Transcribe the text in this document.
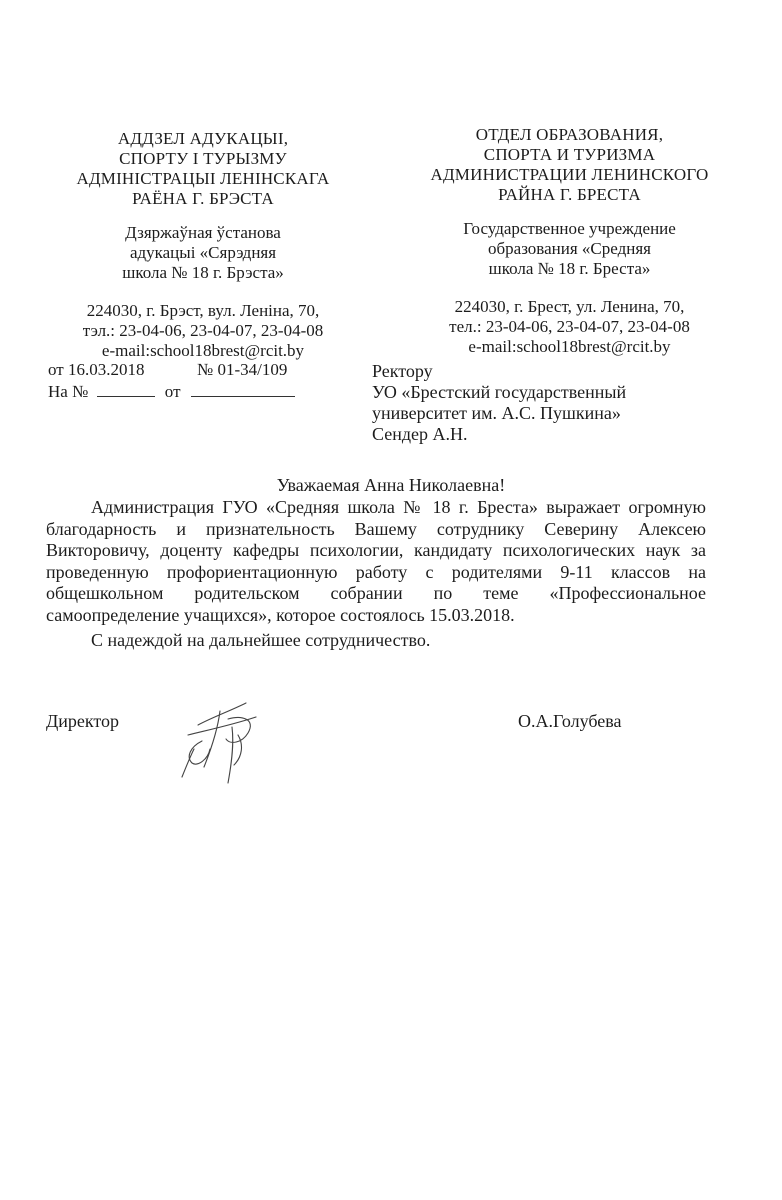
АДДЗЕЛ АДУКАЦЫІ,
СПОРТУ І ТУРЫЗМУ
АДМІНІСТРАЦЫІ ЛЕНІНСКАГА
РАЁНА Г. БРЭСТА
Дзяржаўная ўстанова
адукацыі «Сярэдняя
школа № 18 г. Брэста»
224030, г. Брэст, вул. Леніна, 70,
тэл.: 23-04-06, 23-04-07, 23-04-08
e-mail:school18brest@rcit.by
ОТДЕЛ ОБРАЗОВАНИЯ,
СПОРТА И ТУРИЗМА
АДМИНИСТРАЦИИ ЛЕНИНСКОГО
РАЙНА Г. БРЕСТА
Государственное учреждение
образования «Средняя
школа № 18 г. Бреста»
224030, г. Брест, ул. Ленина, 70,
тел.: 23-04-06, 23-04-07, 23-04-08
e-mail:school18brest@rcit.by
от 16.03.2018	№ 01-34/109
На №	от
Ректору
УО «Брестский государственный
университет им. А.С. Пушкина»
Сендер А.Н.
Уважаемая Анна Николаевна!

Администрация ГУО «Средняя школа № 18 г. Бреста» выражает огромную благодарность и признательность Вашему сотруднику Северину Алексею Викторовичу, доценту кафедры психологии, кандидату психологических наук за проведенную профориентационную работу с родителями 9-11 классов на общешкольном родительском собрании по теме «Профессиональное самоопределение учащихся», которое состоялось 15.03.2018.

С надеждой на дальнейшее сотрудничество.

Директор	О.А.Голубева
